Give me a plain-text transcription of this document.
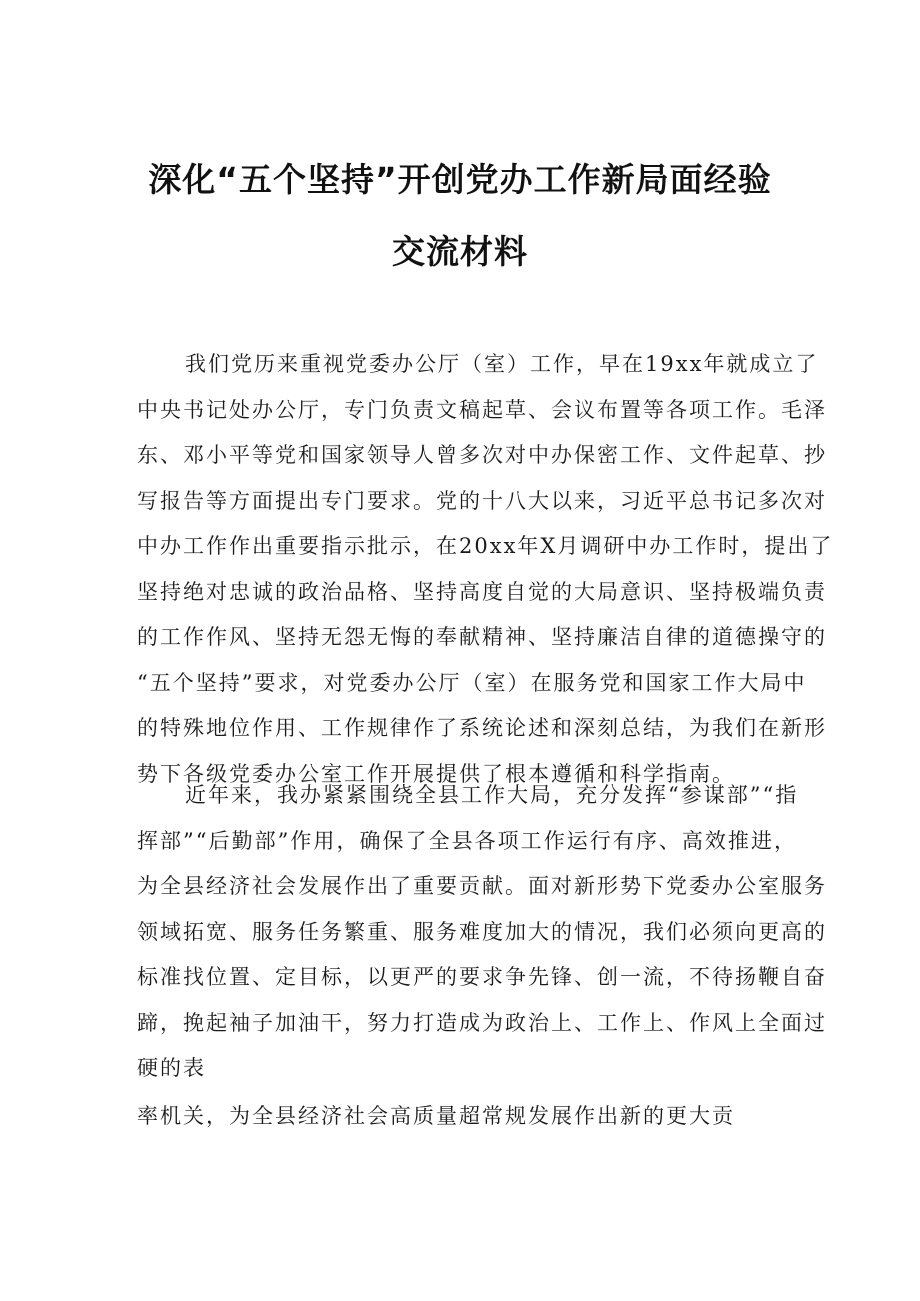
深化“五个坚持”开创党办工作新局面经验
交流材料
我们党历来重视党委办公厅（室）工作，早在19xx年就成立了
中央书记处办公厅，专门负责文稿起草、会议布置等各项工作。毛泽
东、邓小平等党和国家领导人曾多次对中办保密工作、文件起草、抄
写报告等方面提出专门要求。党的十八大以来，习近平总书记多次对
中办工作作出重要指示批示，在20xx年X月调研中办工作时，提出了
坚持绝对忠诚的政治品格、坚持高度自觉的大局意识、坚持极端负责
的工作作风、坚持无怨无悔的奉献精神、坚持廉洁自律的道德操守的
“五个坚持”要求，对党委办公厅（室）在服务党和国家工作大局中
的特殊地位作用、工作规律作了系统论述和深刻总结，为我们在新形
势下各级党委办公室工作开展提供了根本遵循和科学指南。
近年来，我办紧紧围绕全县工作大局，充分发挥“参谋部”“指
挥部”“后勤部”作用，确保了全县各项工作运行有序、高效推进，
为全县经济社会发展作出了重要贡献。面对新形势下党委办公室服务
领域拓宽、服务任务繁重、服务难度加大的情况，我们必须向更高的
标准找位置、定目标，以更严的要求争先锋、创一流，不待扬鞭自奋
蹄，挽起袖子加油干，努力打造成为政治上、工作上、作风上全面过
硬的表
率机关，为全县经济社会高质量超常规发展作出新的更大贡
